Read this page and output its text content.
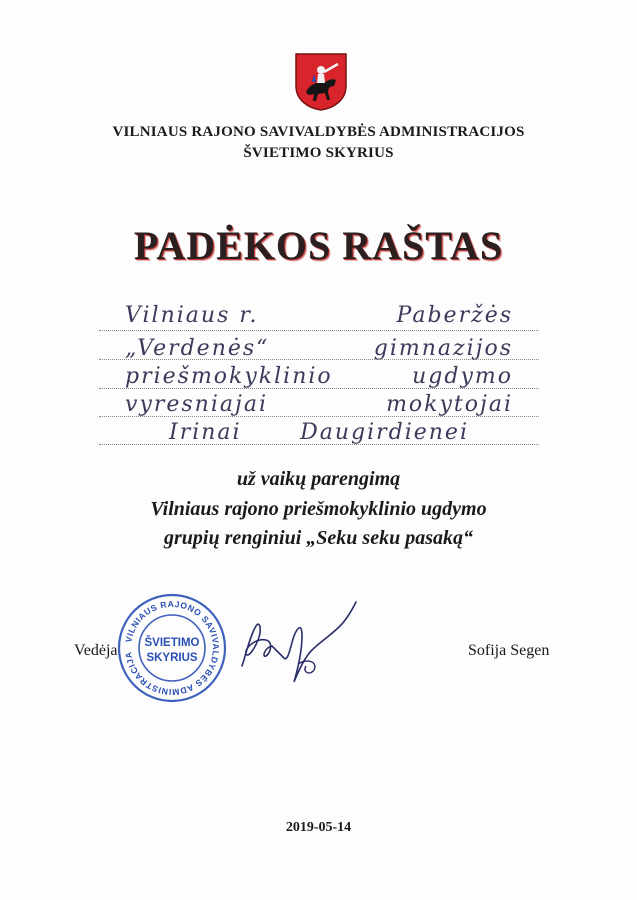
VILNIAUS RAJONO SAVIVALDYBĖS ADMINISTRACIJOS
ŠVIETIMO SKYRIUS
PADĖKOS RAŠTAS
Vilniaus r.	Paberžės
„Verdenės“	gimnazijos
priešmokyklinio	ugdymo
vyresniajai	mokytojai
Irinai	Daugirdienei
už vaikų parengimą
Vilniaus rajono priešmokyklinio ugdymo
grupių renginiui „Seku seku pasaką“
Vedėja
VILNIAUS RAJONO SAVIVALDYBĖS ADMINISTRACIJA
ŠVIETIMO
SKYRIUS	Sofija Segen
2019-05-14
